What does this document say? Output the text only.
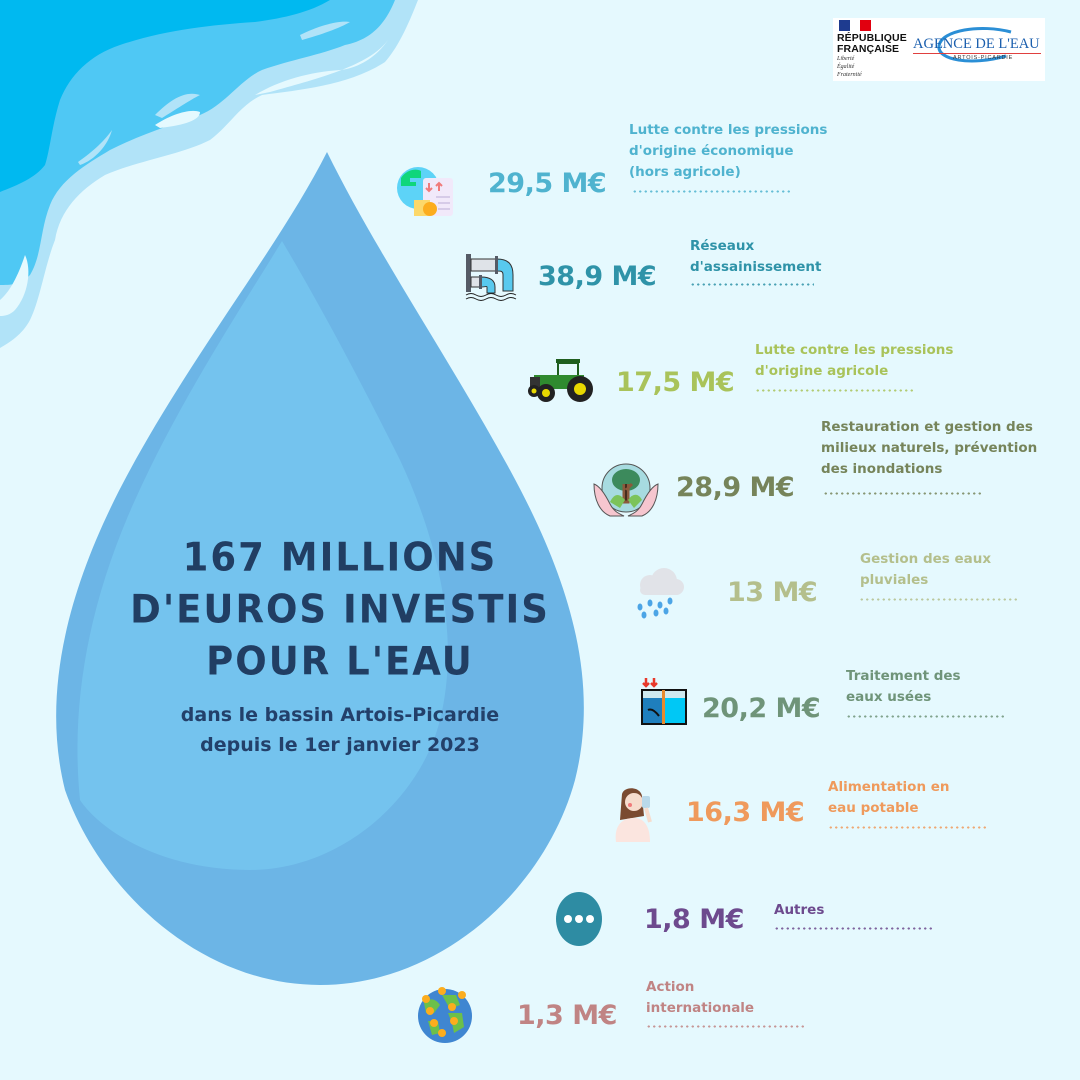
RÉPUBLIQUE
FRANÇAISE
Liberté
Égalité
Fraternité
AGENCE DE L'EAU
ARTOIS-PICARDIE
167 MILLIONS
D'EUROS INVESTIS
POUR L'EAU
dans le bassin Artois-Picardie
depuis le 1er janvier 2023
29,5 M€
Lutte contre les pressions
d'origine économique
(hors agricole)
38,9 M€
Réseaux
d'assainissement
17,5 M€
Lutte contre les pressions
d'origine agricole
28,9 M€
Restauration et gestion des
milieux naturels, prévention
des inondations
13 M€
Gestion des eaux
pluviales
20,2 M€
Traitement des
eaux usées
16,3 M€
Alimentation en
eau potable
1,8 M€ Autres
1,3 M€
Action
internationale
